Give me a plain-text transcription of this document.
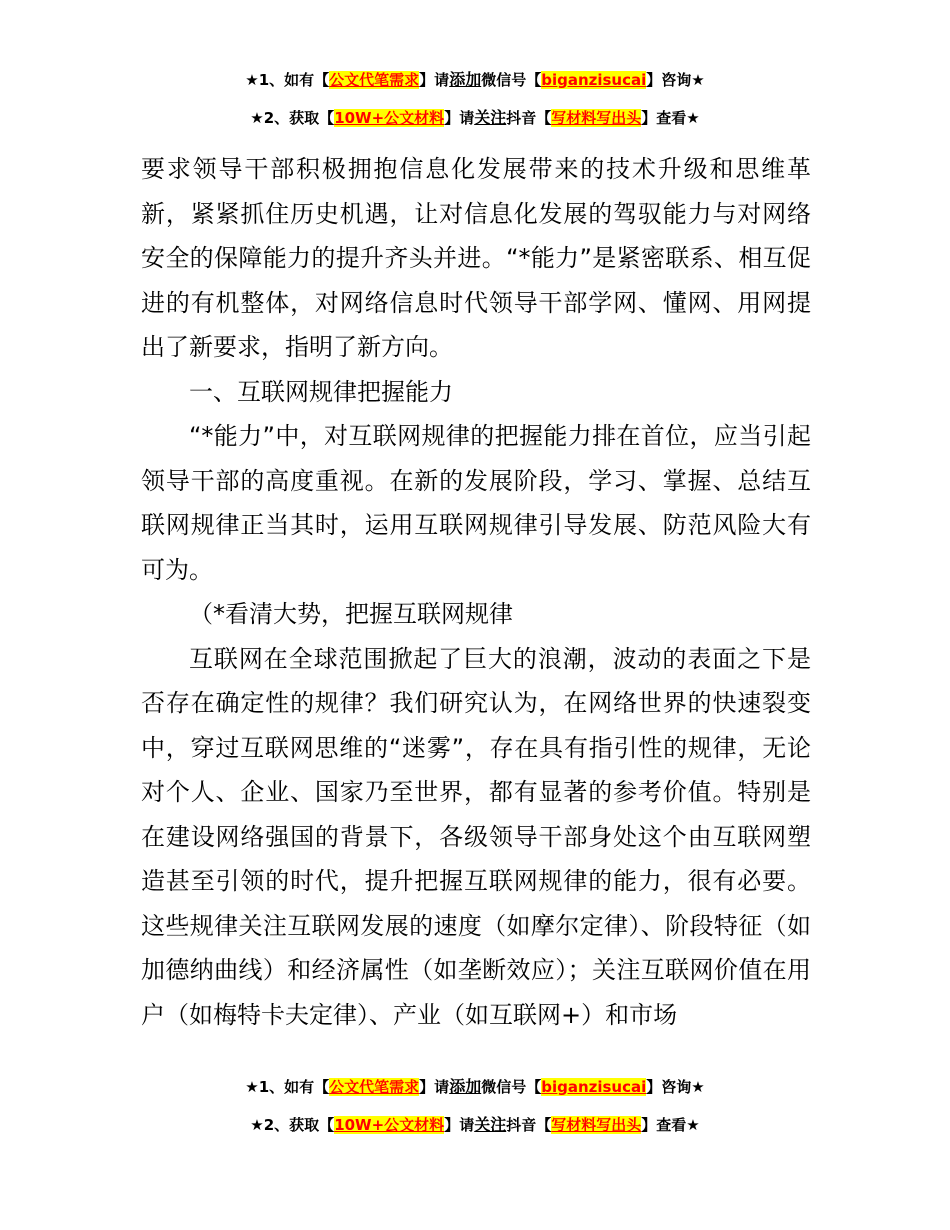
★1、如有【公文代笔需求】请添加微信号【biganzisucai】咨询★
★2、获取【10W+公文材料】请关注抖音【写材料写出头】查看★

要求领导干部积极拥抱信息化发展带来的技术升级和思维革新，紧紧抓住历史机遇，让对信息化发展的驾驭能力与对网络安全的保障能力的提升齐头并进。“*能力”是紧密联系、相互促进的有机整体，对网络信息时代领导干部学网、懂网、用网提出了新要求，指明了新方向。

一、互联网规律把握能力

“*能力”中，对互联网规律的把握能力排在首位，应当引起领导干部的高度重视。在新的发展阶段，学习、掌握、总结互联网规律正当其时，运用互联网规律引导发展、防范风险大有可为。

（*看清大势，把握互联网规律

互联网在全球范围掀起了巨大的浪潮，波动的表面之下是否存在确定性的规律？我们研究认为，在网络世界的快速裂变中，穿过互联网思维的“迷雾”，存在具有指引性的规律，无论对个人、企业、国家乃至世界，都有显著的参考价值。特别是在建设网络强国的背景下，各级领导干部身处这个由互联网塑造甚至引领的时代，提升把握互联网规律的能力，很有必要。这些规律关注互联网发展的速度（如摩尔定律）、阶段特征（如加德纳曲线）和经济属性（如垄断效应）；关注互联网价值在用户（如梅特卡夫定律）、产业（如互联网+）和市场

★1、如有【公文代笔需求】请添加微信号【biganzisucai】咨询★
★2、获取【10W+公文材料】请关注抖音【写材料写出头】查看★
